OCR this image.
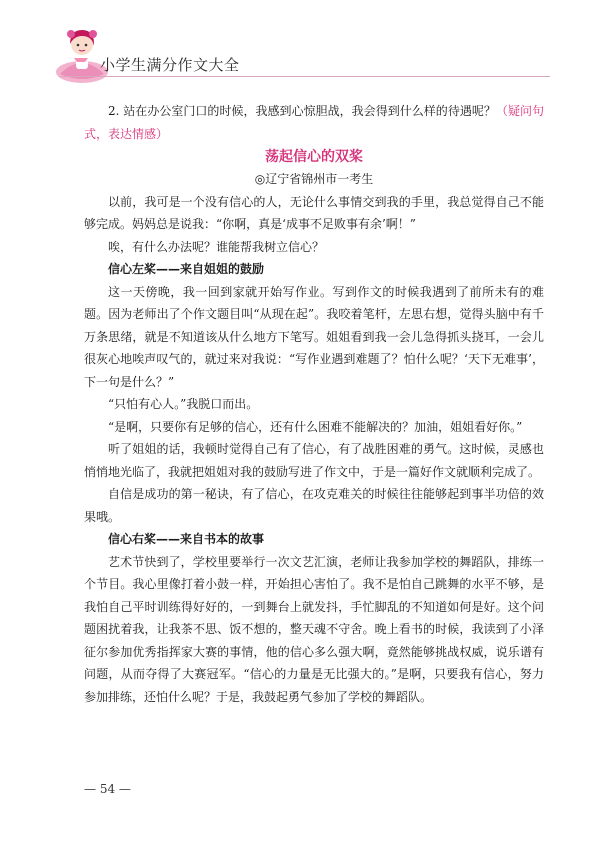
小学生满分作文大全

2. 站在办公室门口的时候，我感到心惊胆战，我会得到什么样的待遇呢？（疑问句式，表达情感）

荡起信心的双桨
◎辽宁省锦州市一考生

以前，我可是一个没有信心的人，无论什么事情交到我的手里，我总觉得自己不能够完成。妈妈总是说我：“你啊，真是‘成事不足败事有余’啊！”

唉，有什么办法呢？谁能帮我树立信心？

信心左桨——来自姐姐的鼓励

这一天傍晚，我一回到家就开始写作业。写到作文的时候我遇到了前所未有的难题。因为老师出了个作文题目叫“从现在起”。我咬着笔杆，左思右想，觉得头脑中有千万条思绪，就是不知道该从什么地方下笔写。姐姐看到我一会儿急得抓头挠耳，一会儿很灰心地唉声叹气的，就过来对我说：“写作业遇到难题了？怕什么呢？‘天下无难事’，下一句是什么？”

“只怕有心人。”我脱口而出。

“是啊，只要你有足够的信心，还有什么困难不能解决的？加油，姐姐看好你。”

听了姐姐的话，我顿时觉得自己有了信心，有了战胜困难的勇气。这时候，灵感也悄悄地光临了，我就把姐姐对我的鼓励写进了作文中，于是一篇好作文就顺利完成了。

自信是成功的第一秘诀，有了信心，在攻克难关的时候往往能够起到事半功倍的效果哦。

信心右桨——来自书本的故事

艺术节快到了，学校里要举行一次文艺汇演，老师让我参加学校的舞蹈队，排练一个节目。我心里像打着小鼓一样，开始担心害怕了。我不是怕自己跳舞的水平不够，是我怕自己平时训练得好好的，一到舞台上就发抖，手忙脚乱的不知道如何是好。这个问题困扰着我，让我茶不思、饭不想的，整天魂不守舍。晚上看书的时候，我读到了小泽征尔参加优秀指挥家大赛的事情，他的信心多么强大啊，竟然能够挑战权威，说乐谱有问题，从而夺得了大赛冠军。“信心的力量是无比强大的。”是啊，只要我有信心，努力参加排练，还怕什么呢？于是，我鼓起勇气参加了学校的舞蹈队。

— 54 —
